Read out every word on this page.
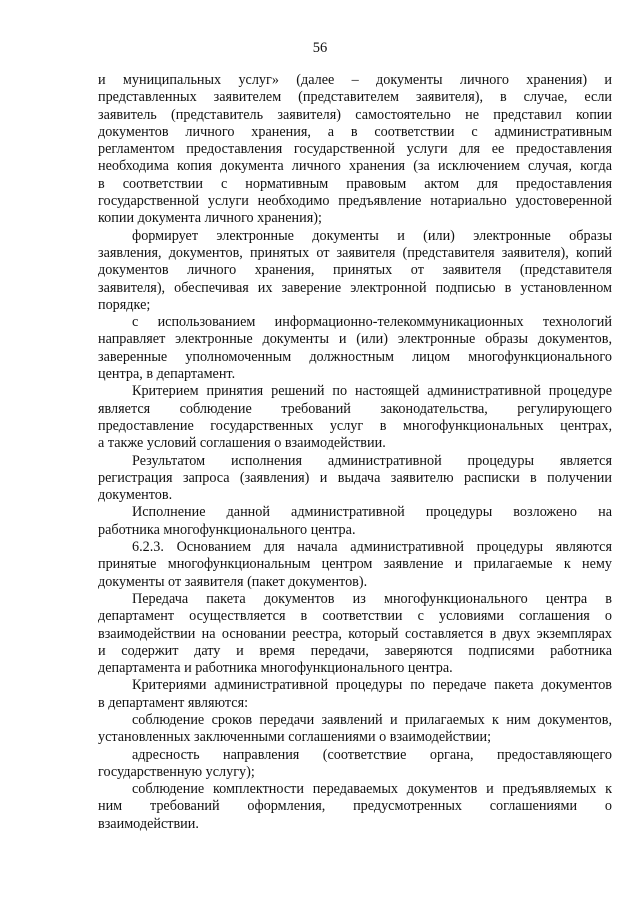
56
и муниципальных услуг» (далее – документы личного хранения) и
представленных заявителем (представителем заявителя), в случае, если
заявитель (представитель заявителя) самостоятельно не представил копии
документов личного хранения, а в соответствии с административным
регламентом предоставления государственной услуги для ее предоставления
необходима копия документа личного хранения (за исключением случая, когда
в соответствии с нормативным правовым актом для предоставления
государственной услуги необходимо предъявление нотариально удостоверенной
копии документа личного хранения);
формирует электронные документы и (или) электронные образы
заявления, документов, принятых от заявителя (представителя заявителя), копий
документов личного хранения, принятых от заявителя (представителя
заявителя), обеспечивая их заверение электронной подписью в установленном
порядке;
с использованием информационно-телекоммуникационных технологий
направляет электронные документы и (или) электронные образы документов,
заверенные уполномоченным должностным лицом многофункционального
центра, в департамент.
Критерием принятия решений по настоящей административной процедуре
является соблюдение требований законодательства, регулирующего
предоставление государственных услуг в многофункциональных центрах,
а также условий соглашения о взаимодействии.
Результатом исполнения административной процедуры является
регистрация запроса (заявления) и выдача заявителю расписки в получении
документов.
Исполнение данной административной процедуры возложено на
работника многофункционального центра.
6.2.3. Основанием для начала административной процедуры являются
принятые многофункциональным центром заявление и прилагаемые к нему
документы от заявителя (пакет документов).
Передача пакета документов из многофункционального центра в
департамент осуществляется в соответствии с условиями соглашения о
взаимодействии на основании реестра, который составляется в двух экземплярах
и содержит дату и время передачи, заверяются подписями работника
департамента и работника многофункционального центра.
Критериями административной процедуры по передаче пакета документов
в департамент являются:
соблюдение сроков передачи заявлений и прилагаемых к ним документов,
установленных заключенными соглашениями о взаимодействии;
адресность направления (соответствие органа, предоставляющего
государственную услугу);
соблюдение комплектности передаваемых документов и предъявляемых к
ним требований оформления, предусмотренных соглашениями о
взаимодействии.
